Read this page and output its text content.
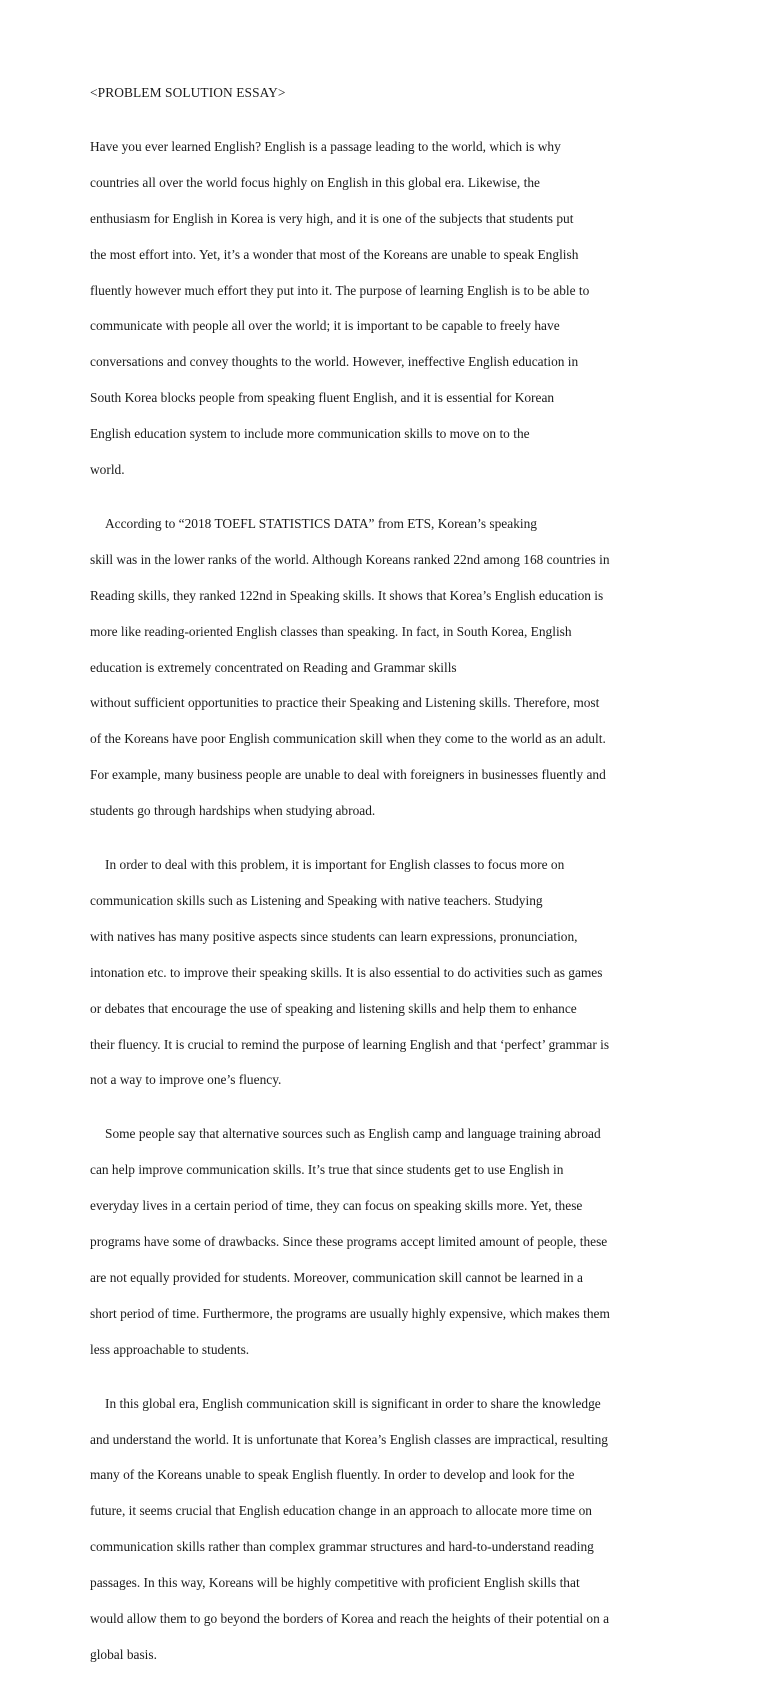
<PROBLEM SOLUTION ESSAY>

Have you ever learned English? English is a passage leading to the world, which is why

countries all over the world focus highly on English in this global era. Likewise, the

enthusiasm for English in Korea is very high, and it is one of the subjects that students put

the most effort into. Yet, it’s a wonder that most of the Koreans are unable to speak English

fluently however much effort they put into it. The purpose of learning English is to be able to

communicate with people all over the world; it is important to be capable to freely have

conversations and convey thoughts to the world. However, ineffective English education in

South Korea blocks people from speaking fluent English, and it is essential for Korean

English education system to include more communication skills to move on to the

world.

According to “2018 TOEFL STATISTICS DATA” from ETS, Korean’s speaking

skill was in the lower ranks of the world. Although Koreans ranked 22nd among 168 countries in

Reading skills, they ranked 122nd in Speaking skills. It shows that Korea’s English education is

more like reading-oriented English classes than speaking. In fact, in South Korea, English

education is extremely concentrated on Reading and Grammar skills

without sufficient opportunities to practice their Speaking and Listening skills. Therefore, most

of the Koreans have poor English communication skill when they come to the world as an adult.

For example, many business people are unable to deal with foreigners in businesses fluently and

students go through hardships when studying abroad.

In order to deal with this problem, it is important for English classes to focus more on

communication skills such as Listening and Speaking with native teachers. Studying

with natives has many positive aspects since students can learn expressions, pronunciation,

intonation etc. to improve their speaking skills. It is also essential to do activities such as games

or debates that encourage the use of speaking and listening skills and help them to enhance

their fluency. It is crucial to remind the purpose of learning English and that ‘perfect’ grammar is

not a way to improve one’s fluency.

Some people say that alternative sources such as English camp and language training abroad

can help improve communication skills. It’s true that since students get to use English in

everyday lives in a certain period of time, they can focus on speaking skills more. Yet, these

programs have some of drawbacks. Since these programs accept limited amount of people, these

are not equally provided for students. Moreover, communication skill cannot be learned in a

short period of time. Furthermore, the programs are usually highly expensive, which makes them

less approachable to students.

In this global era, English communication skill is significant in order to share the knowledge

and understand the world. It is unfortunate that Korea’s English classes are impractical, resulting

many of the Koreans unable to speak English fluently. In order to develop and look for the

future, it seems crucial that English education change in an approach to allocate more time on

communication skills rather than complex grammar structures and hard-to-understand reading

passages. In this way, Koreans will be highly competitive with proficient English skills that

would allow them to go beyond the borders of Korea and reach the heights of their potential on a

global basis.
